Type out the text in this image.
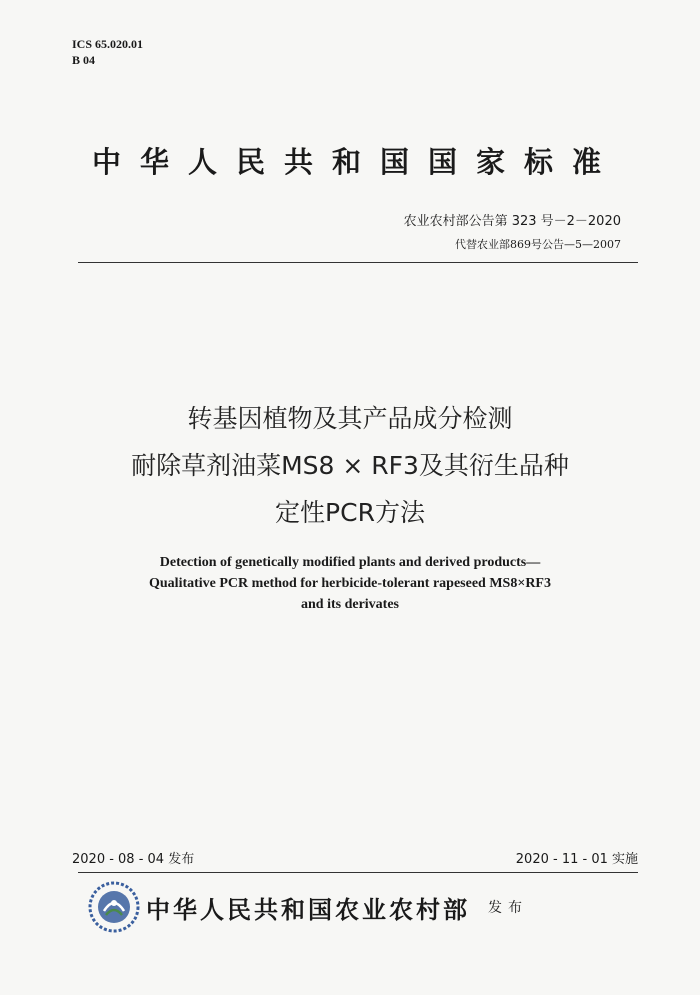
ICS 65.020.01
B 04
中华人民共和国国家标准
农业农村部公告第 323 号－2－2020
代替农业部869号公告—5—2007
转基因植物及其产品成分检测
耐除草剂油菜MS8 × RF3及其衍生品种
定性PCR方法
Detection of genetically modified plants and derived products—
Qualitative PCR method for herbicide-tolerant rapeseed MS8×RF3
and its derivates
2020 - 08 - 04 发布	2020 - 11 - 01 实施
中华人民共和国农业农村部 发布
